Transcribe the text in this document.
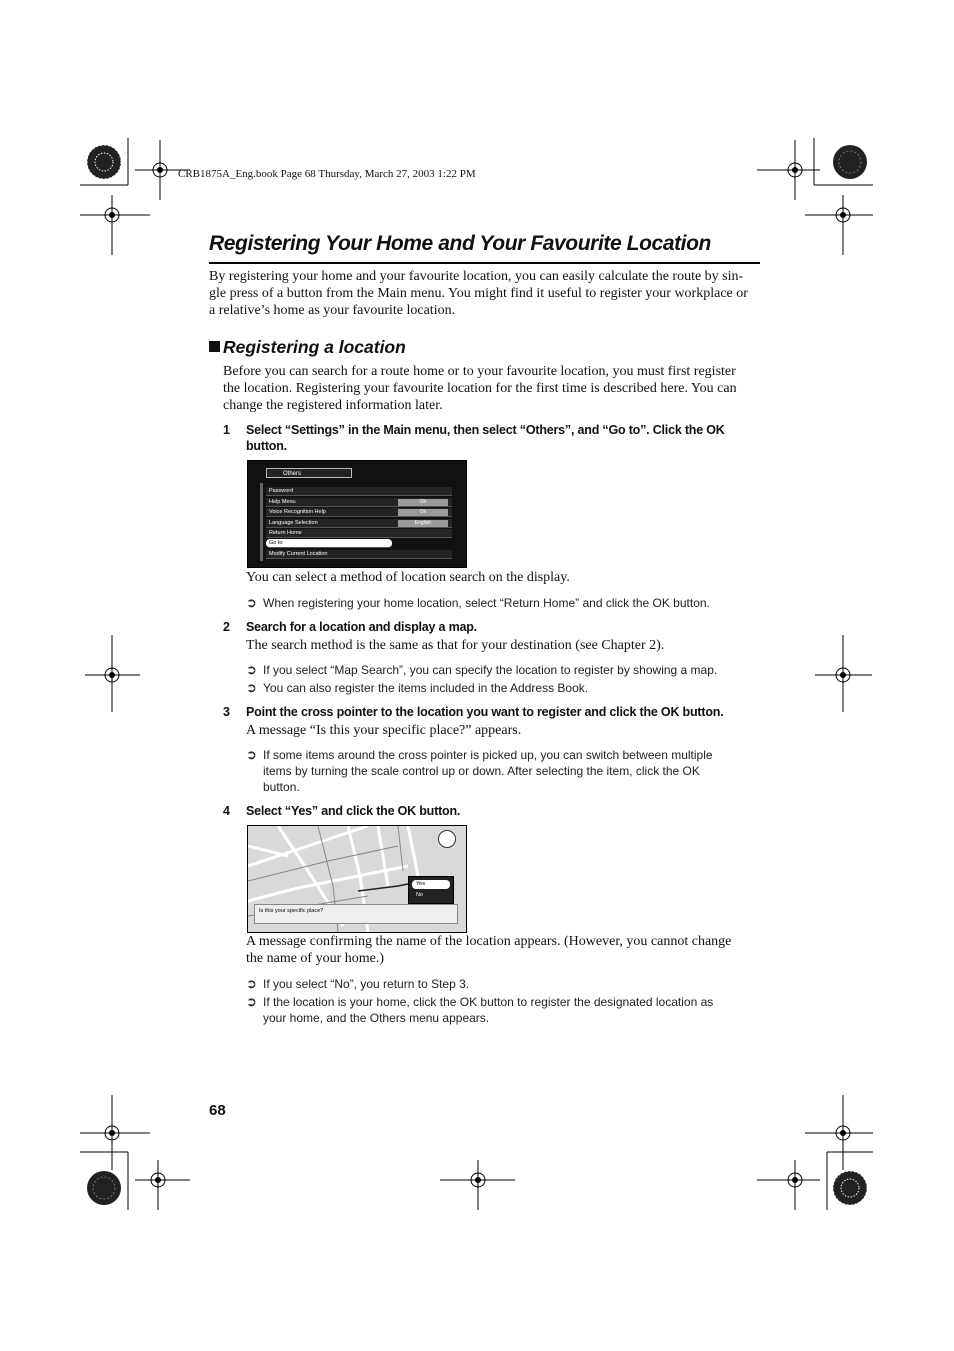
CRB1875A_Eng.book Page 68 Thursday, March 27, 2003 1:22 PM
Registering Your Home and Your Favourite Location
By registering your home and your favourite location, you can easily calculate the route by sin-
gle press of a button from the Main menu. You might find it useful to register your workplace or
a relative’s home as your favourite location.
Registering a location
Before you can search for a route home or to your favourite location, you must first register
the location. Registering your favourite location for the first time is described here. You can
change the registered information later.
1 Select “Settings” in the Main menu, then select “Others”, and “Go to”. Click the OK
button.
Others
Password
Help Menu	On
Voice Recognition Help	On
Language Selection	English
Return Home
Go to
Modify Current Location
You can select a method of location search on the display.
➲ When registering your home location, select “Return Home” and click the OK button.
2 Search for a location and display a map.
The search method is the same as that for your destination (see Chapter 2).
➲ If you select “Map Search”, you can specify the location to register by showing a map.
➲ You can also register the items included in the Address Book.
3 Point the cross pointer to the location you want to register and click the OK button.
A message “Is this your specific place?” appears.
➲ If some items around the cross pointer is picked up, you can switch between multiple
items by turning the scale control up or down. After selecting the item, click the OK
button.
4 Select “Yes” and click the OK button.
Yes
No
Is this your specific place?
A message confirming the name of the location appears. (However, you cannot change
the name of your home.)
➲ If you select “No”, you return to Step 3.
➲ If the location is your home, click the OK button to register the designated location as
your home, and the Others menu appears.
68
